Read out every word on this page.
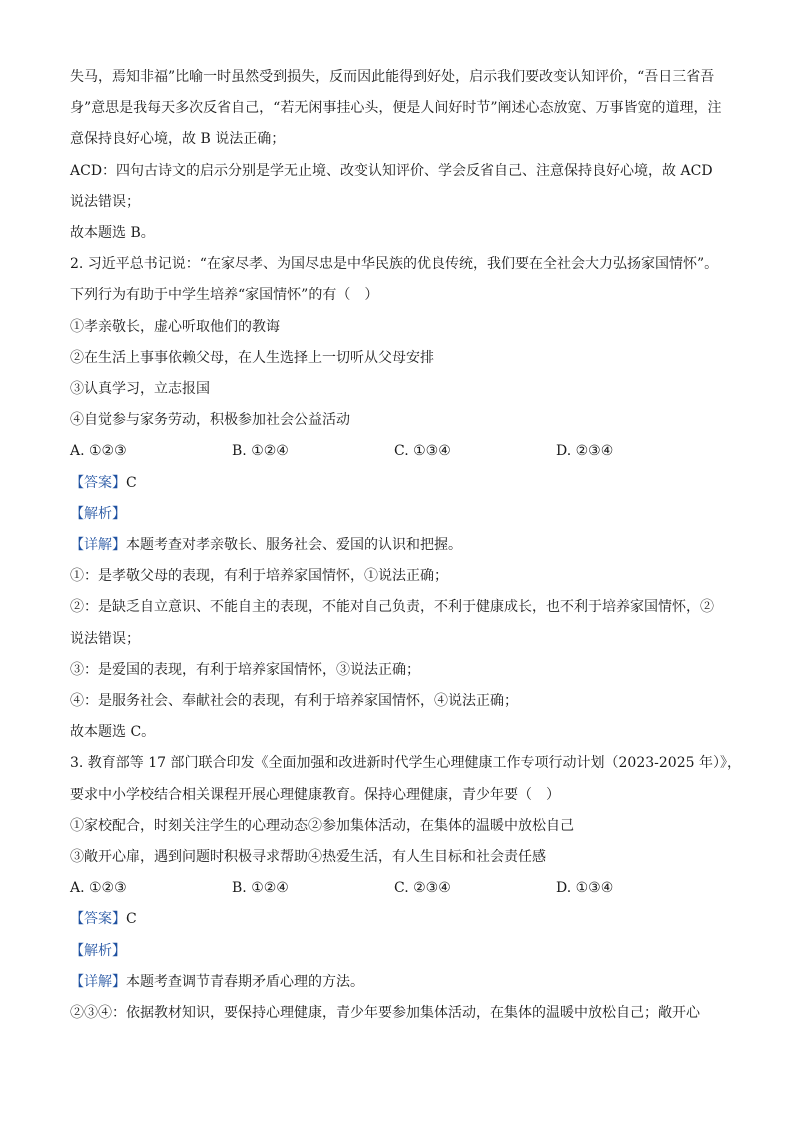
失马，焉知非福”比喻一时虽然受到损失，反而因此能得到好处，启示我们要改变认知评价，“吾日三省吾
身”意思是我每天多次反省自己，“若无闲事挂心头，便是人间好时节”阐述心态放宽、万事皆宽的道理，注
意保持良好心境，故 B 说法正确；
ACD：四句古诗文的启示分别是学无止境、改变认知评价、学会反省自己、注意保持良好心境，故 ACD
说法错误；
故本题选 B。
2. 习近平总书记说：“在家尽孝、为国尽忠是中华民族的优良传统，我们要在全社会大力弘扬家国情怀”。
下列行为有助于中学生培养“家国情怀”的有（　）
①孝亲敬长，虚心听取他们的教诲
②在生活上事事依赖父母，在人生选择上一切听从父母安排
③认真学习，立志报国
④自觉参与家务劳动，积极参加社会公益活动
A. ①②③	B. ①②④	C. ①③④	D. ②③④
【答案】C
【解析】
【详解】本题考查对孝亲敬长、服务社会、爱国的认识和把握。
①：是孝敬父母的表现，有利于培养家国情怀，①说法正确；
②：是缺乏自立意识、不能自主的表现，不能对自己负责，不利于健康成长，也不利于培养家国情怀，②
说法错误；
③：是爱国的表现，有利于培养家国情怀，③说法正确；
④：是服务社会、奉献社会的表现，有利于培养家国情怀，④说法正确；
故本题选 C。
3. 教育部等 17 部门联合印发《全面加强和改进新时代学生心理健康工作专项行动计划（2023-2025 年）》，
要求中小学校结合相关课程开展心理健康教育。保持心理健康，青少年要（　）
①家校配合，时刻关注学生的心理动态②参加集体活动，在集体的温暖中放松自己
③敞开心扉，遇到问题时积极寻求帮助④热爱生活，有人生目标和社会责任感
A. ①②③	B. ①②④	C. ②③④	D. ①③④
【答案】C
【解析】
【详解】本题考查调节青春期矛盾心理的方法。
②③④：依据教材知识，要保持心理健康，青少年要参加集体活动，在集体的温暖中放松自己；敞开心
